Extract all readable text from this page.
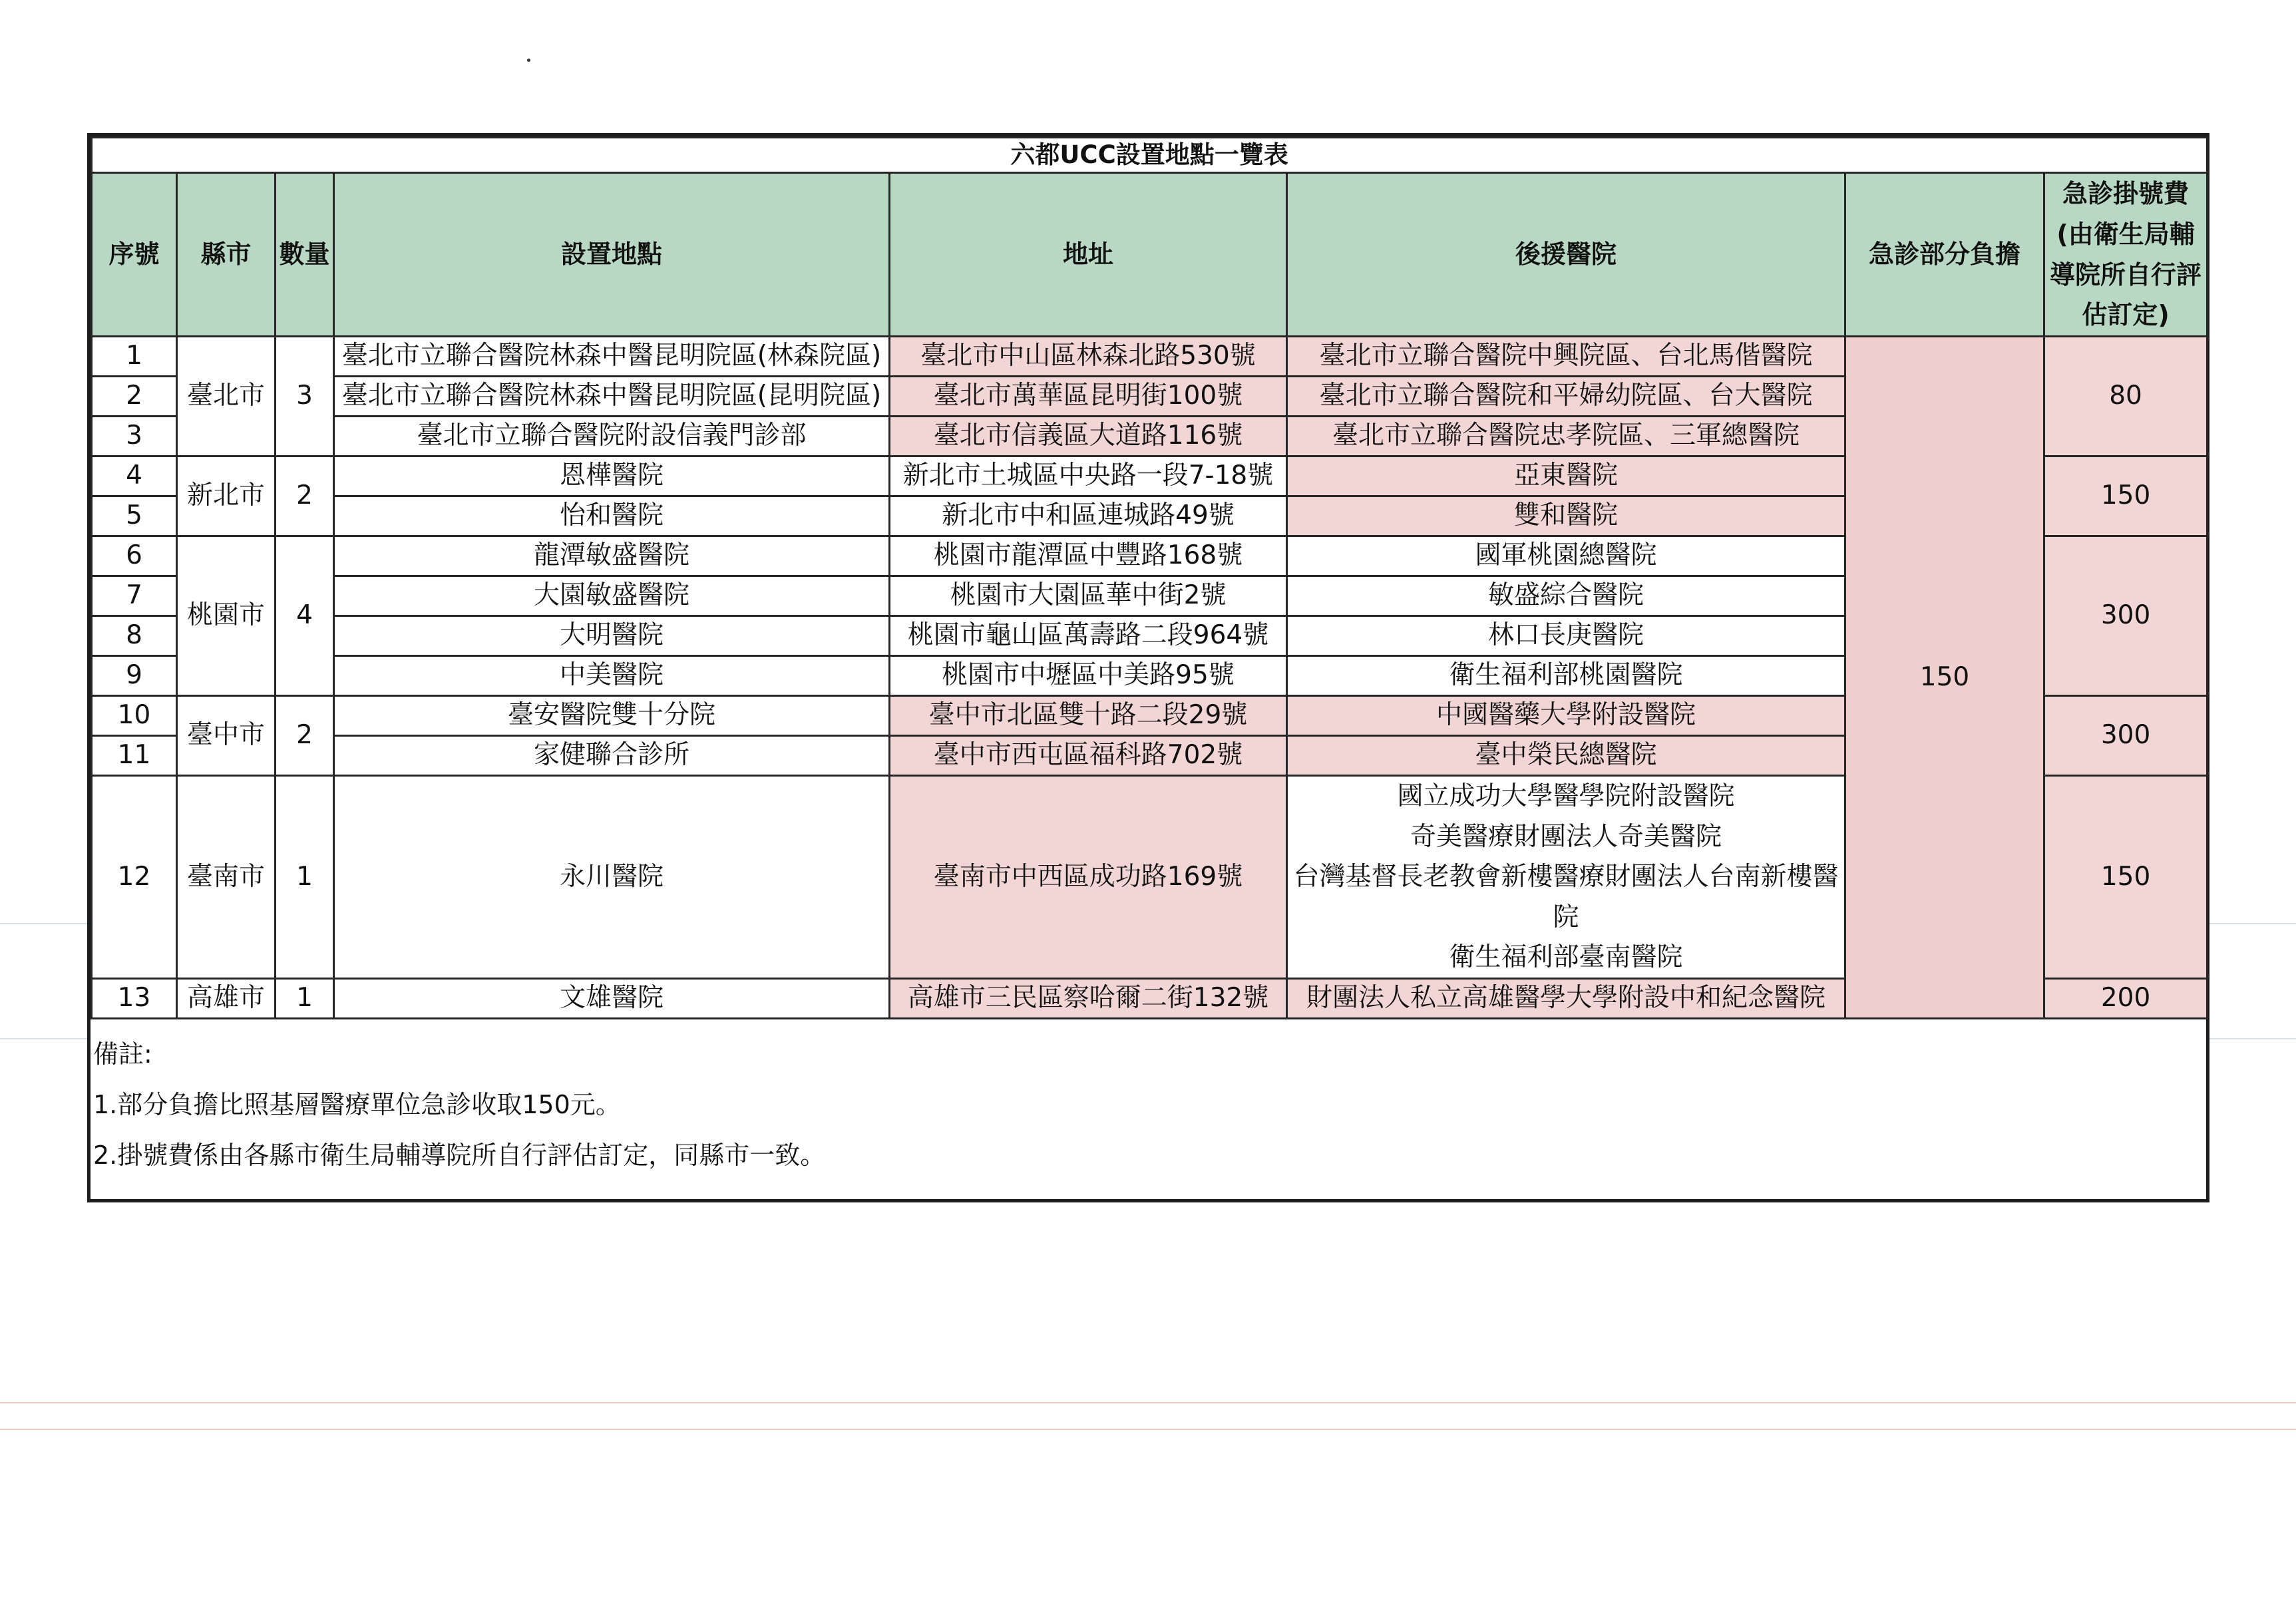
六都UCC設置地點一覽表							
序號	縣市	數量	設置地點	地址	後援醫院	急診部分負擔	急診掛號費(由衛生局輔導院所自行評估訂定)
1	臺北市	3	臺北市立聯合醫院林森中醫昆明院區(林森院區)	臺北市中山區林森北路530號	臺北市立聯合醫院中興院區、台北馬偕醫院	150	80
2			臺北市立聯合醫院林森中醫昆明院區(昆明院區)	臺北市萬華區昆明街100號	臺北市立聯合醫院和平婦幼院區、台大醫院		
3			臺北市立聯合醫院附設信義門診部	臺北市信義區大道路116號	臺北市立聯合醫院忠孝院區、三軍總醫院		
4	新北市	2	恩樺醫院	新北市土城區中央路一段7-18號	亞東醫院		150
5			怡和醫院	新北市中和區連城路49號	雙和醫院		
6	桃園市	4	龍潭敏盛醫院	桃園市龍潭區中豐路168號	國軍桃園總醫院		300
7			大園敏盛醫院	桃園市大園區華中街2號	敏盛綜合醫院		
8			大明醫院	桃園市龜山區萬壽路二段964號	林口長庚醫院		
9			中美醫院	桃園市中壢區中美路95號	衛生福利部桃園醫院		
10	臺中市	2	臺安醫院雙十分院	臺中市北區雙十路二段29號	中國醫藥大學附設醫院		300
11			家健聯合診所	臺中市西屯區福科路702號	臺中榮民總醫院		
12	臺南市	1	永川醫院	臺南市中西區成功路169號	國立成功大學醫學院附設醫院
奇美醫療財團法人奇美醫院
台灣基督長老教會新樓醫療財團法人台南新樓醫院
衛生福利部臺南醫院		150
13	高雄市	1	文雄醫院	高雄市三民區察哈爾二街132號	財團法人私立高雄醫學大學附設中和紀念醫院		200
備註:
1.部分負擔比照基層醫療單位急診收取150元。
2.掛號費係由各縣市衛生局輔導院所自行評估訂定，同縣市一致。
